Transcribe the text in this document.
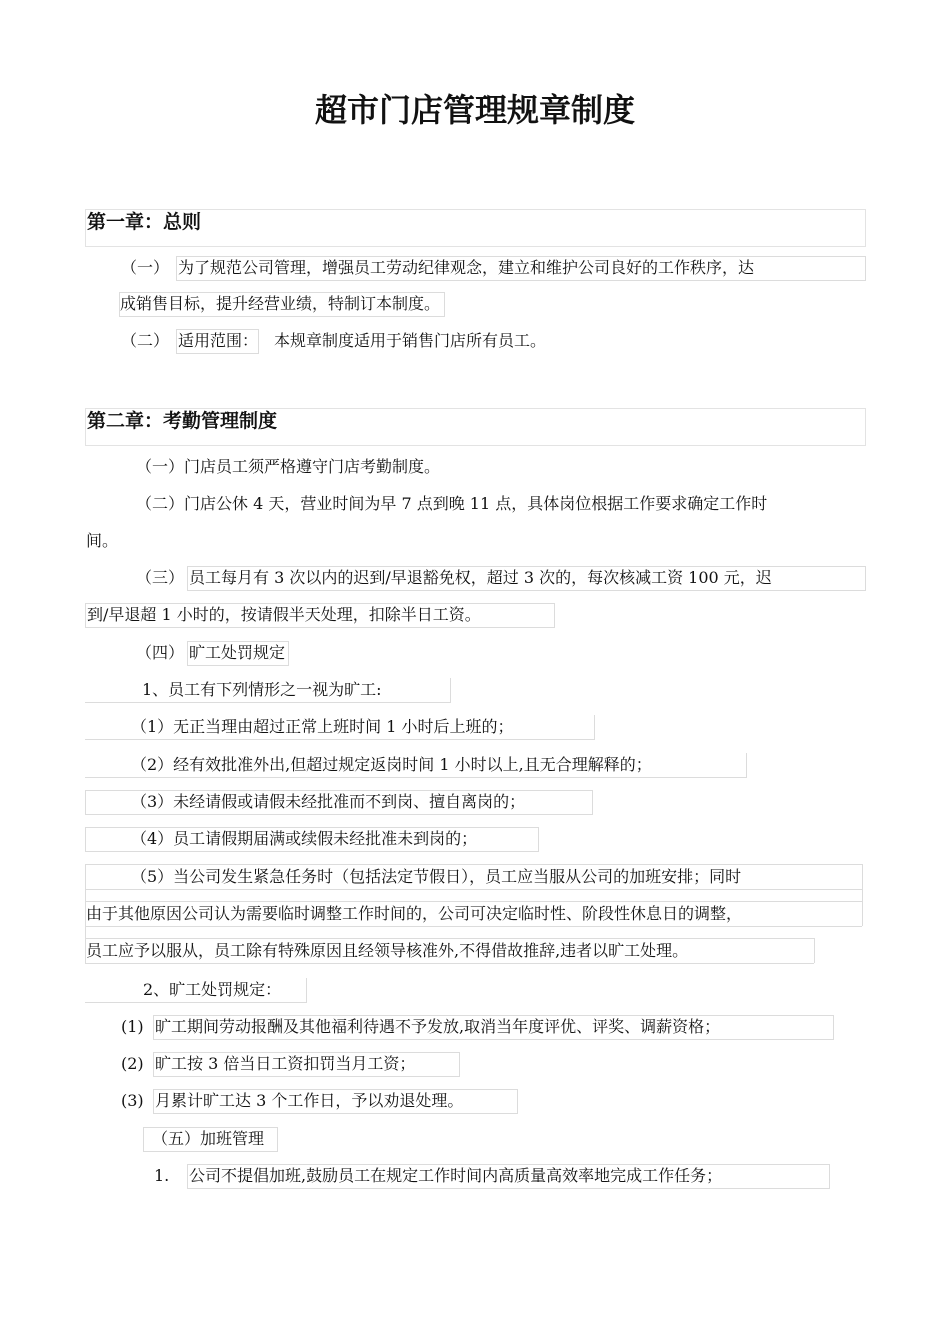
超市门店管理规章制度
第一章：总则
（一） 为了规范公司管理，增强员工劳动纪律观念，建立和维护公司良好的工作秩序，达
成销售目标，提升经营业绩，特制订本制度。
（二） 适用范围： 本规章制度适用于销售门店所有员工。
第二章：考勤管理制度
（一）门店员工须严格遵守门店考勤制度。
（二）门店公休 4 天，营业时间为早 7 点到晚 11 点，具体岗位根据工作要求确定工作时
间。
（三） 员工每月有 3 次以内的迟到/早退豁免权，超过 3 次的，每次核减工资 100 元，迟
到/早退超 1 小时的，按请假半天处理，扣除半日工资。
（四） 旷工处罚规定
1、员工有下列情形之一视为旷工:
（1）无正当理由超过正常上班时间 1 小时后上班的；
（2）经有效批准外出,但超过规定返岗时间 1 小时以上,且无合理解释的；
（3）未经请假或请假未经批准而不到岗、擅自离岗的；
（4）员工请假期届满或续假未经批准未到岗的；
（5）当公司发生紧急任务时（包括法定节假日），员工应当服从公司的加班安排；同时
由于其他原因公司认为需要临时调整工作时间的，公司可决定临时性、阶段性休息日的调整，
员工应予以服从，员工除有特殊原因且经领导核准外,不得借故推辞,违者以旷工处理。
2、旷工处罚规定：
(1) 旷工期间劳动报酬及其他福利待遇不予发放,取消当年度评优、评奖、调薪资格；
(2) 旷工按 3 倍当日工资扣罚当月工资；
(3) 月累计旷工达 3 个工作日，予以劝退处理。
（五）加班管理
1. 公司不提倡加班,鼓励员工在规定工作时间内高质量高效率地完成工作任务；
